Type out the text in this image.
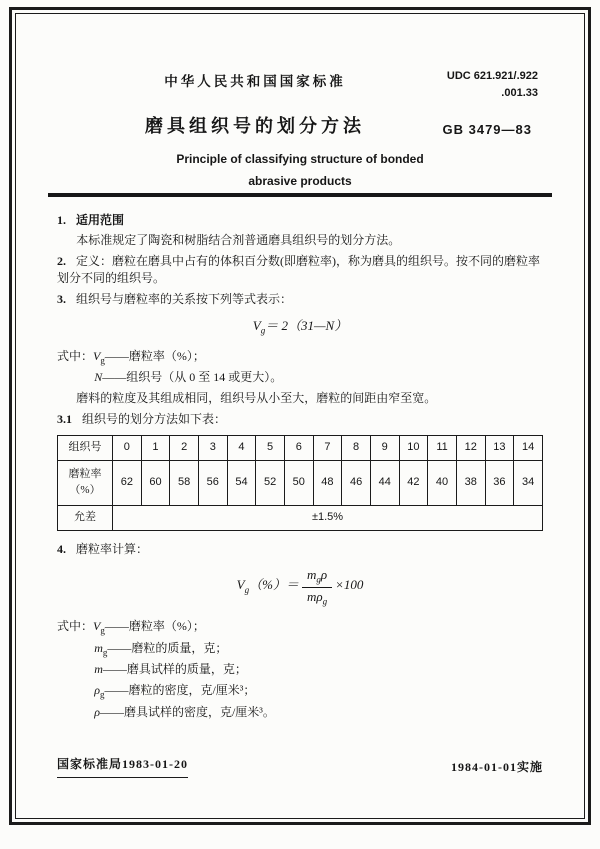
中华人民共和国国家标准	UDC 621.921/.922
.001.33
磨具组织号的划分方法	GB 3479—83
Principle of classifying structure of bonded
abrasive products

1. 适用范围

本标准规定了陶瓷和树脂结合剂普通磨具组织号的划分方法。

2. 定义：磨粒在磨具中占有的体积百分数(即磨粒率)，称为磨具的组织号。按不同的磨粒率划分不同的组织号。

3. 组织号与磨粒率的关系按下列等式表示：

$V_g=$ 2（31—N）

式中：$V_g——$磨粒率（%）；

N——组织号（从 0 至 14 或更大）。

磨料的粒度及其组成相同，组织号从小至大，磨粒的间距由窄至宽。

3.1 组织号的划分方法如下表：

组织号	0	1	2	3	4	5	6	7	8	9	10	11	12	13	14

磨粒率
（%）	62	60	58	56	54	52	50	48	46	44	42	40	38	36	34
允差	±1.5%														

4. 磨粒率计算：

$V_g(\%)= \frac{m_g\rho}{m\rho_g} \times 100$

式中：$V_g——$磨粒率（%）；

$m_g——$磨粒的质量，克；

m——磨具试样的质量，克；

$\rho_g——$磨粒的密度，克/厘米³；

ρ——磨具试样的密度，克/厘米³。

国家标准局1983-01-20	1984-01-01实施
